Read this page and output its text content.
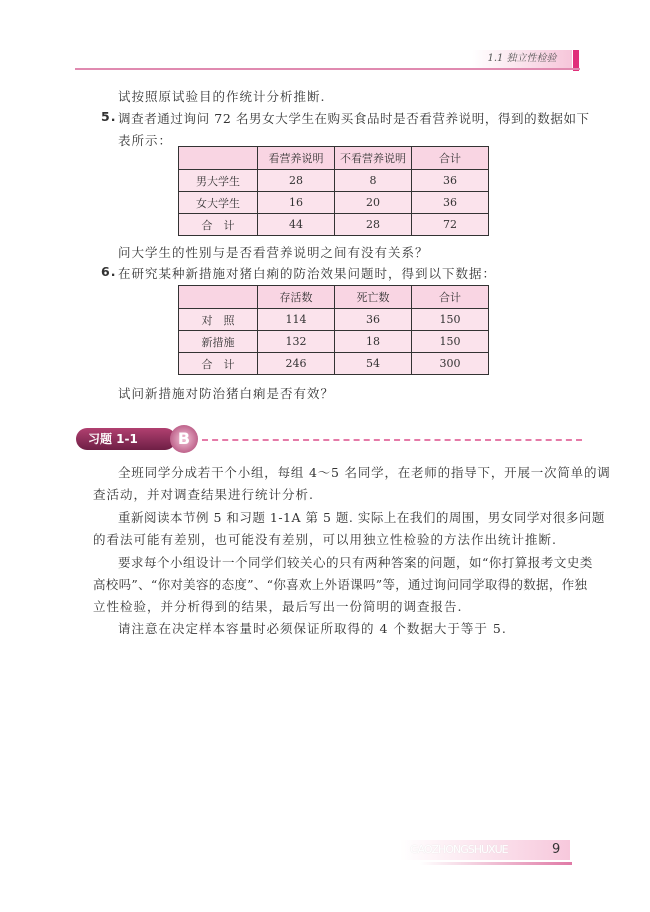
1.1 独立性检验
试按照原试验目的作统计分析推断.
5. 调查者通过询问 72 名男女大学生在购买食品时是否看营养说明，得到的数据如下
表所示：
	看营养说明	不看营养说明	合计
男大学生	28	8	36
女大学生	16	20	36
合　计	44	28	72
问大学生的性别与是否看营养说明之间有没有关系？
6. 在研究某种新措施对猪白痢的防治效果问题时，得到以下数据：
	存活数	死亡数	合计
对　照	114	36	150
新措施	132	18	150
合　计	246	54	300
试问新措施对防治猪白痢是否有效？
习题 1-1	B
全班同学分成若干个小组，每组 4～5 名同学，在老师的指导下，开展一次简单的调
查活动，并对调查结果进行统计分析.
重新阅读本节例 5 和习题 1-1A 第 5 题. 实际上在我们的周围，男女同学对很多问题
的看法可能有差别，也可能没有差别，可以用独立性检验的方法作出统计推断.
要求每个小组设计一个同学们较关心的只有两种答案的问题，如“你打算报考文史类
高校吗”、“你对美容的态度”、“你喜欢上外语课吗”等，通过询问同学取得的数据，作独
立性检验，并分析得到的结果，最后写出一份简明的调查报告.
请注意在决定样本容量时必须保证所取得的 4 个数据大于等于 5.
GAOZHONGSHUXUE	9
